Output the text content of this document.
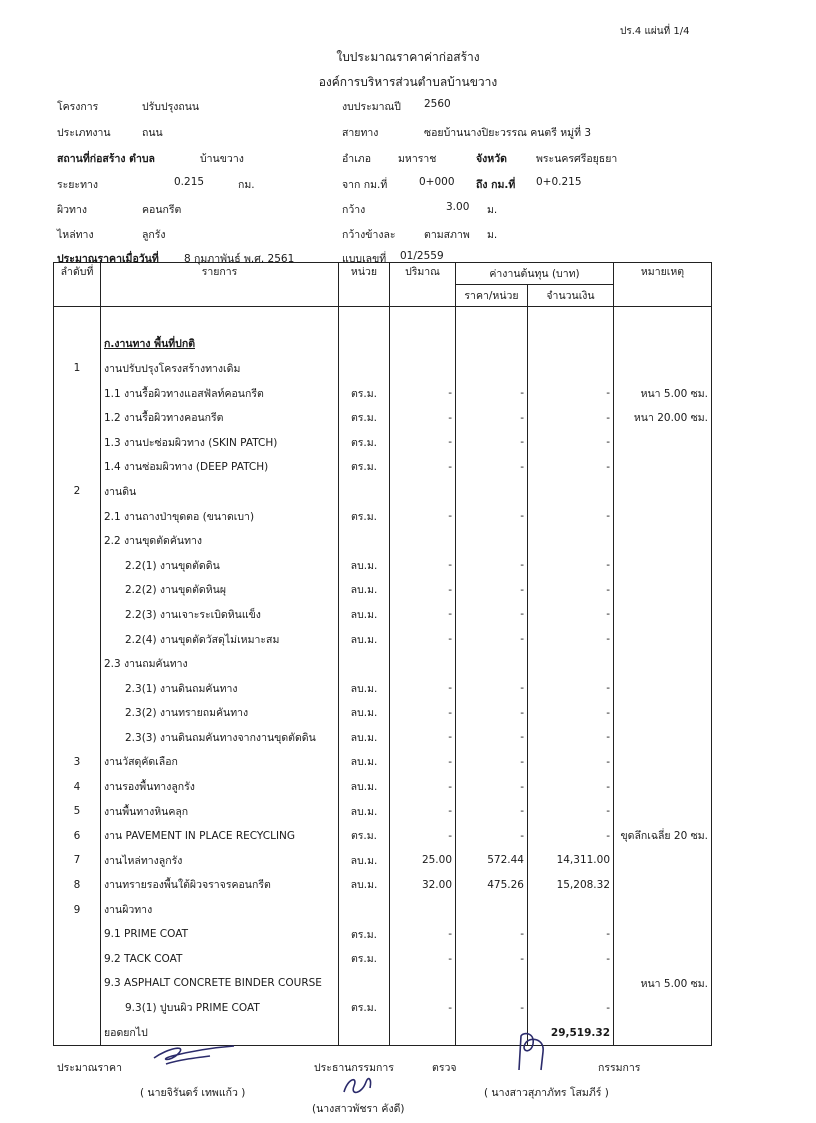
ปร.4 แผ่นที่ 1/4
ใบประมาณราคาค่าก่อสร้าง
องค์การบริหารส่วนตำบลบ้านขวาง
โครงการ	ปรับปรุงถนน	งบประมาณปี 2560
ประเภทงาน	ถนน	สายทาง	ซอยบ้านนางปิยะวรรณ คนตรี หมู่ที่ 3
สถานที่ก่อสร้าง ตำบล	บ้านขวาง	อำเภอ	มหาราช	จังหวัด	พระนครศรีอยุธยา
ระยะทาง	0.215	กม.	จาก กม.ที่	0+000 ถึง กม.ที่ 0+0.215
ผิวทาง	คอนกรีต	กว้าง	3.00 ม.
ไหล่ทาง	ลูกรัง	กว้างข้างละ	ตามสภาพ ม.
ประมาณราคาเมื่อวันที่ 8 กุมภาพันธ์ พ.ศ. 2561	แบบเลขที่ 01/2559
ลำดับที่	รายการ	หน่วย	ปริมาณ	ค่างานต้นทุน (บาท)		หมายเหตุ
				ราคา/หน่วย	จำนวนเงิน	

	ก.งานทาง พื้นที่ปกติ					
1	งานปรับปรุงโครงสร้างทางเดิม					
	1.1 งานรื้อผิวทางแอสฟัลท์คอนกรีต	ตร.ม.	-	-	-	หนา 5.00 ซม.
	1.2 งานรื้อผิวทางคอนกรีต	ตร.ม.	-	-	-	หนา 20.00 ซม.
	1.3 งานปะซ่อมผิวทาง (SKIN PATCH)	ตร.ม.	-	-	-	
	1.4 งานซ่อมผิวทาง (DEEP PATCH)	ตร.ม.	-	-	-	
2	งานดิน					
	2.1 งานถางป่าขุดตอ (ขนาดเบา)	ตร.ม.	-	-	-	
	2.2 งานขุดตัดคันทาง					
	2.2(1) งานขุดตัดดิน	ลบ.ม.	-	-	-	
	2.2(2) งานขุดตัดหินผุ	ลบ.ม.	-	-	-	
	2.2(3) งานเจาะระเบิดหินแข็ง	ลบ.ม.	-	-	-	
	2.2(4) งานขุดตัดวัสดุไม่เหมาะสม	ลบ.ม.	-	-	-	
	2.3 งานถมคันทาง					
	2.3(1) งานดินถมคันทาง	ลบ.ม.	-	-	-	
	2.3(2) งานทรายถมคันทาง	ลบ.ม.	-	-	-	
	2.3(3) งานดินถมคันทางจากงานขุดตัดดิน	ลบ.ม.	-	-	-	
3	งานวัสดุคัดเลือก	ลบ.ม.	-	-	-	
4	งานรองพื้นทางลูกรัง	ลบ.ม.	-	-	-	
5	งานพื้นทางหินคลุก	ลบ.ม.	-	-	-	
6	งาน PAVEMENT IN PLACE RECYCLING	ตร.ม.	-	-	-	ขุดลึกเฉลี่ย 20 ซม.
7	งานไหล่ทางลูกรัง	ลบ.ม.	25.00	572.44	14,311.00	
8	งานทรายรองพื้นใต้ผิวจราจรคอนกรีต	ลบ.ม.	32.00	475.26	15,208.32	
9	งานผิวทาง					
	9.1 PRIME COAT	ตร.ม.	-	-	-	
	9.2 TACK COAT	ตร.ม.	-	-	-	
	9.3 ASPHALT CONCRETE BINDER COURSE					หนา 5.00 ซม.
	9.3(1) ปูบนผิว PRIME COAT	ตร.ม.	-	-	-	
	ยอดยกไป				29,519.32	
ประมาณราคา
( นายจิรันดร์ เทพแก้ว )
ประธานกรรมการ	ตรวจ
(นางสาวพัชรา คังดี)
กรรมการ
( นางสาวสุภาภัทร โสมภีร์ )
